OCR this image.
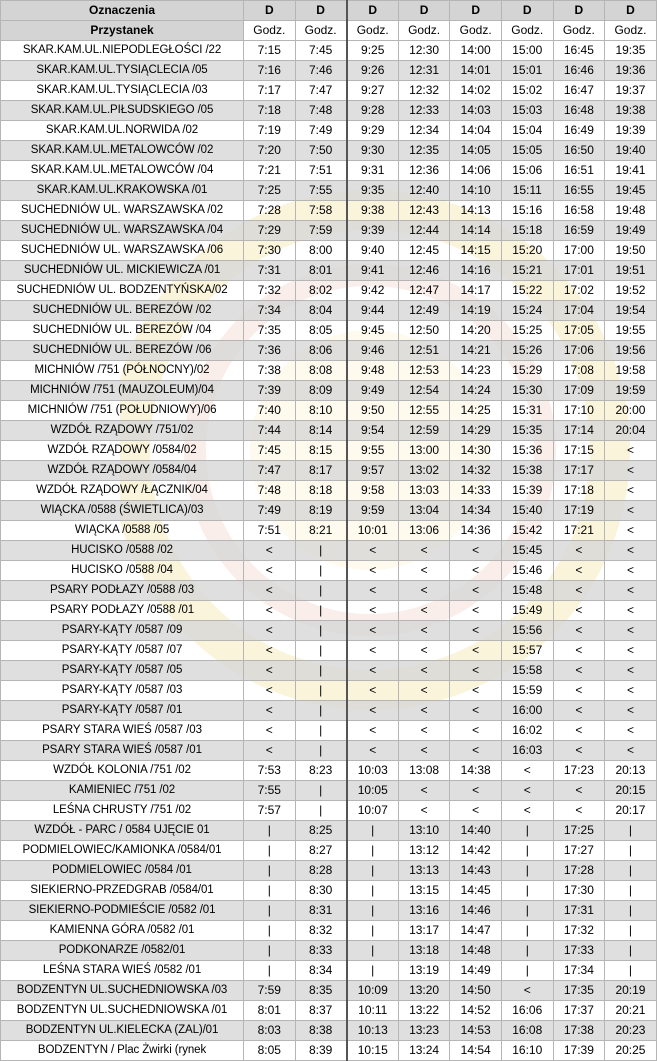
Oznaczenia	D	D	D	D	D	D	D	D
Przystanek	Godz.	Godz.	Godz.	Godz.	Godz.	Godz.	Godz.	Godz.
SKAR.KAM.UL.NIEPODLEGŁOŚCI /22	7:15	7:45	9:25	12:30	14:00	15:00	16:45	19:35
SKAR.KAM.UL.TYSIĄCLECIA /05	7:16	7:46	9:26	12:31	14:01	15:01	16:46	19:36
SKAR.KAM.UL.TYSIĄCLECIA /03	7:17	7:47	9:27	12:32	14:02	15:02	16:47	19:37
SKAR.KAM.UL.PIŁSUDSKIEGO /05	7:18	7:48	9:28	12:33	14:03	15:03	16:48	19:38
SKAR.KAM.UL.NORWIDA /02	7:19	7:49	9:29	12:34	14:04	15:04	16:49	19:39
SKAR.KAM.UL.METALOWCÓW /02	7:20	7:50	9:30	12:35	14:05	15:05	16:50	19:40
SKAR.KAM.UL.METALOWCÓW /04	7:21	7:51	9:31	12:36	14:06	15:06	16:51	19:41
SKAR.KAM.UL.KRAKOWSKA /01	7:25	7:55	9:35	12:40	14:10	15:11	16:55	19:45
SUCHEDNIÓW UL. WARSZAWSKA /02	7:28	7:58	9:38	12:43	14:13	15:16	16:58	19:48
SUCHEDNIÓW UL. WARSZAWSKA /04	7:29	7:59	9:39	12:44	14:14	15:18	16:59	19:49
SUCHEDNIÓW UL. WARSZAWSKA /06	7:30	8:00	9:40	12:45	14:15	15:20	17:00	19:50
SUCHEDNIÓW UL. MICKIEWICZA /01	7:31	8:01	9:41	12:46	14:16	15:21	17:01	19:51
SUCHEDNIÓW UL. BODZENTYŃSKA/02	7:32	8:02	9:42	12:47	14:17	15:22	17:02	19:52
SUCHEDNIÓW UL. BEREZÓW /02	7:34	8:04	9:44	12:49	14:19	15:24	17:04	19:54
SUCHEDNIÓW UL. BEREZÓW /04	7:35	8:05	9:45	12:50	14:20	15:25	17:05	19:55
SUCHEDNIÓW UL. BEREZÓW /06	7:36	8:06	9:46	12:51	14:21	15:26	17:06	19:56
MICHNIÓW /751 (PÓŁNOCNY)/02	7:38	8:08	9:48	12:53	14:23	15:29	17:08	19:58
MICHNIÓW /751 (MAUZOLEUM)/04	7:39	8:09	9:49	12:54	14:24	15:30	17:09	19:59
MICHNIÓW /751 (POŁUDNIOWY)/06	7:40	8:10	9:50	12:55	14:25	15:31	17:10	20:00
WZDÓŁ RZĄDOWY /751/02	7:44	8:14	9:54	12:59	14:29	15:35	17:14	20:04
WZDÓŁ RZĄDOWY /0584/02	7:45	8:15	9:55	13:00	14:30	15:36	17:15	<
WZDÓŁ RZĄDOWY /0584/04	7:47	8:17	9:57	13:02	14:32	15:38	17:17	<
WZDÓŁ RZĄDOWY /ŁĄCZNIK/04	7:48	8:18	9:58	13:03	14:33	15:39	17:18	<
WIĄCKA /0588 (ŚWIETLICA)/03	7:49	8:19	9:59	13:04	14:34	15:40	17:19	<
WIĄCKA /0588 /05	7:51	8:21	10:01	13:06	14:36	15:42	17:21	<
HUCISKO /0588 /02	<	|	<	<	<	15:45	<	<
HUCISKO /0588 /04	<	|	<	<	<	15:46	<	<
PSARY PODŁAZY /0588 /03	<	|	<	<	<	15:48	<	<
PSARY PODŁAZY /0588 /01	<	|	<	<	<	15:49	<	<
PSARY-KĄTY /0587 /09	<	|	<	<	<	15:56	<	<
PSARY-KĄTY /0587 /07	<	|	<	<	<	15:57	<	<
PSARY-KĄTY /0587 /05	<	|	<	<	<	15:58	<	<
PSARY-KĄTY /0587 /03	<	|	<	<	<	15:59	<	<
PSARY-KĄTY /0587 /01	<	|	<	<	<	16:00	<	<
PSARY STARA WIEŚ /0587 /03	<	|	<	<	<	16:02	<	<
PSARY STARA WIEŚ /0587 /01	<	|	<	<	<	16:03	<	<
WZDÓŁ KOLONIA /751 /02	7:53	8:23	10:03	13:08	14:38	<	17:23	20:13
KAMIENIEC /751 /02	7:55	|	10:05	<	<	<	<	20:15
LEŚNA CHRUSTY /751 /02	7:57	|	10:07	<	<	<	<	20:17
WZDÓŁ - PARC / 0584 UJĘCIE 01	|	8:25	|	13:10	14:40	|	17:25	|
PODMIELOWIEC/KAMIONKA /0584/01	|	8:27	|	13:12	14:42	|	17:27	|
PODMIELOWIEC /0584 /01	|	8:28	|	13:13	14:43	|	17:28	|
SIEKIERNO-PRZEDGRAB /0584/01	|	8:30	|	13:15	14:45	|	17:30	|
SIEKIERNO-PODMIEŚCIE /0582 /01	|	8:31	|	13:16	14:46	|	17:31	|
KAMIENNA GÓRA /0582 /01	|	8:32	|	13:17	14:47	|	17:32	|
PODKONARZE /0582/01	|	8:33	|	13:18	14:48	|	17:33	|
LEŚNA STARA WIEŚ /0582 /01	|	8:34	|	13:19	14:49	|	17:34	|
BODZENTYN UL.SUCHEDNIOWSKA /03	7:59	8:35	10:09	13:20	14:50	<	17:35	20:19
BODZENTYN UL.SUCHEDNIOWSKA /01	8:01	8:37	10:11	13:22	14:52	16:06	17:37	20:21
BODZENTYN UL.KIELECKA (ZAL)/01	8:03	8:38	10:13	13:23	14:53	16:08	17:38	20:23
BODZENTYN / Plac Żwirki (rynek	8:05	8:39	10:15	13:24	14:54	16:10	17:39	20:25
